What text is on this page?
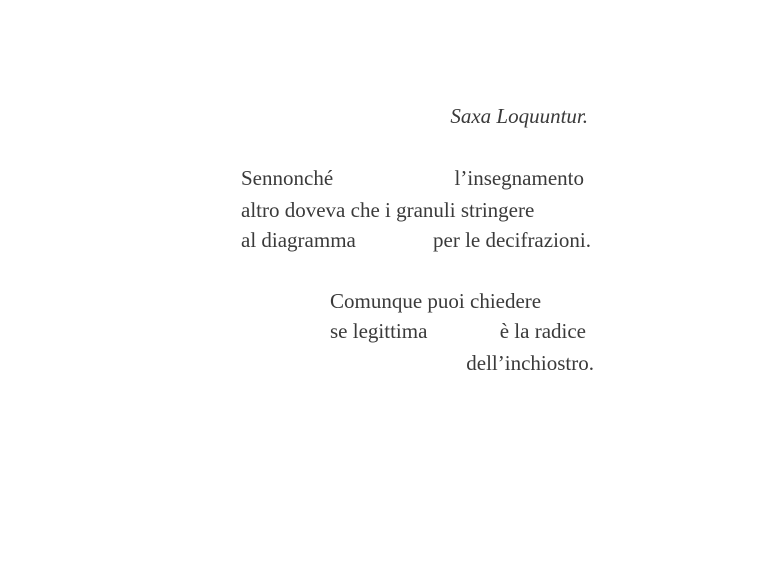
Saxa Loquuntur.
Sennonché	l’insegnamento
altro doveva che i granuli stringere
al diagramma	per le decifrazioni.
Comunque puoi chiedere
se legittima	è la radice
dell’inchiostro.
